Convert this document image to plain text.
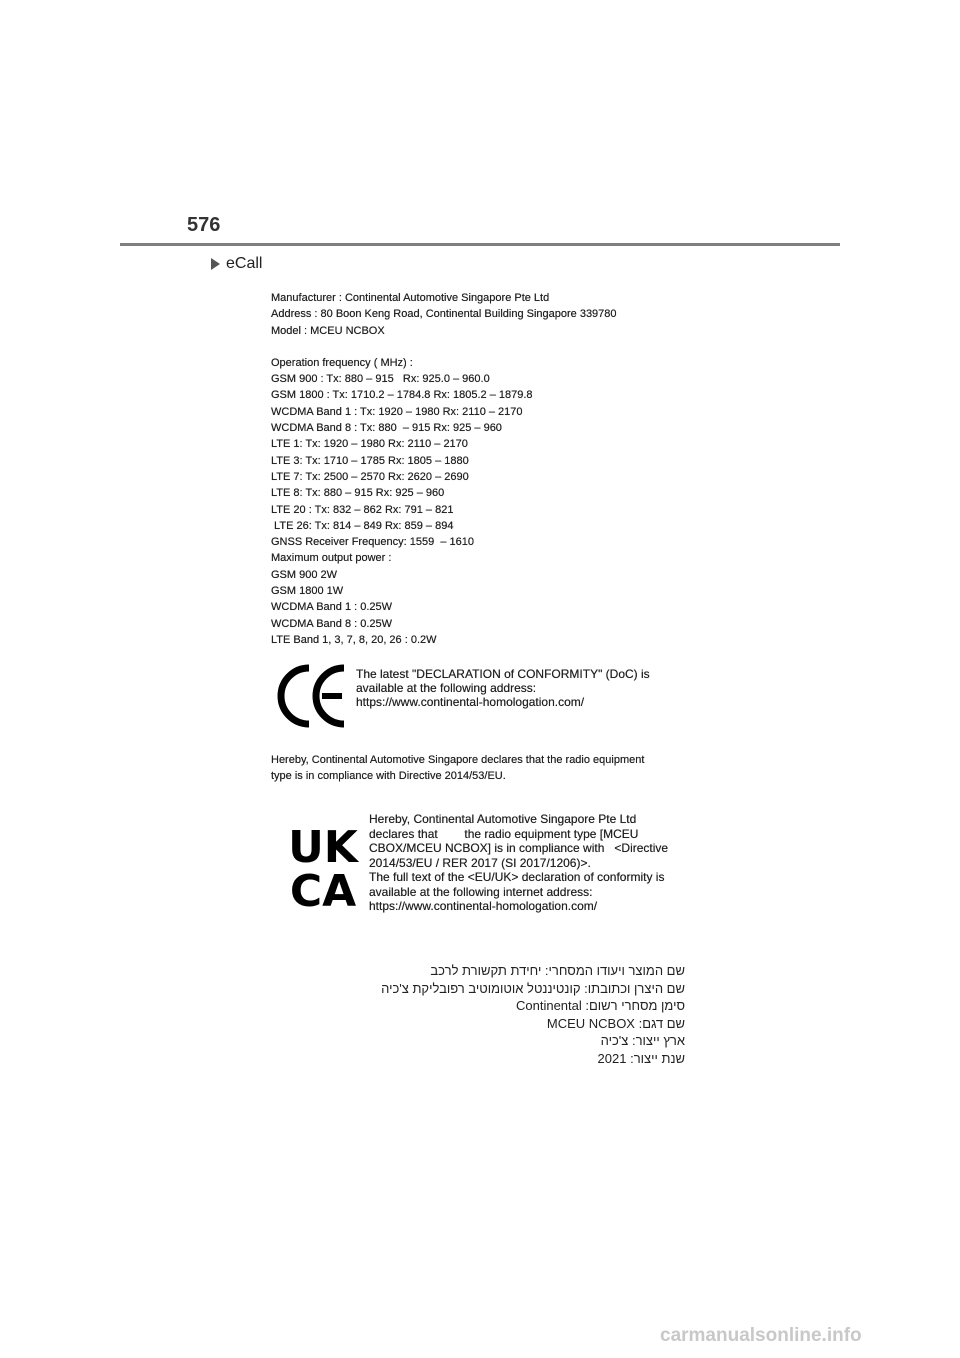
576
eCall
Manufacturer : Continental Automotive Singapore Pte Ltd
Address : 80 Boon Keng Road, Continental Building Singapore 339780
Model : MCEU NCBOX
Operation frequency ( MHz) :
GSM 900 : Tx: 880 – 915   Rx: 925.0 – 960.0
GSM 1800 : Tx: 1710.2 – 1784.8 Rx: 1805.2 – 1879.8
WCDMA Band 1 : Tx: 1920 – 1980 Rx: 2110 – 2170
WCDMA Band 8 : Tx: 880  – 915 Rx: 925 – 960
LTE 1: Tx: 1920 – 1980 Rx: 2110 – 2170
LTE 3: Tx: 1710 – 1785 Rx: 1805 – 1880
LTE 7: Tx: 2500 – 2570 Rx: 2620 – 2690
LTE 8: Tx: 880 – 915 Rx: 925 – 960
LTE 20 : Tx: 832 – 862 Rx: 791 – 821
LTE 26: Tx: 814 – 849 Rx: 859 – 894
GNSS Receiver Frequency: 1559  – 1610
Maximum output power :
GSM 900 2W
GSM 1800 1W
WCDMA Band 1 : 0.25W
WCDMA Band 8 : 0.25W
LTE Band 1, 3, 7, 8, 20, 26 : 0.2W
The latest "DECLARATION of CONFORMITY" (DoC) is
available at the following address:
https://www.continental-homologation.com/
Hereby, Continental Automotive Singapore declares that the radio equipment
type is in compliance with Directive 2014/53/EU.
UK
CA
Hereby, Continental Automotive Singapore Pte Ltd
declares that        the radio equipment type [MCEU
CBOX/MCEU NCBOX] is in compliance with   <Directive
2014/53/EU / RER 2017 (SI 2017/1206)>.
The full text of the <EU/UK> declaration of conformity is
available at the following internet address:
https://www.continental-homologation.com/
שם המוצר ויעודו המסחרי: יחידת תקשורת לרכב
שם היצרן וכתובתו: קונטיננטל אוטומוטיב רפובליקת צ'כיה
סימן מסחרי רשום: Continental
שם דגם: MCEU NCBOX
ארץ ייצור: צ'כיה
שנת ייצור: 2021
carmanualsonline.info
